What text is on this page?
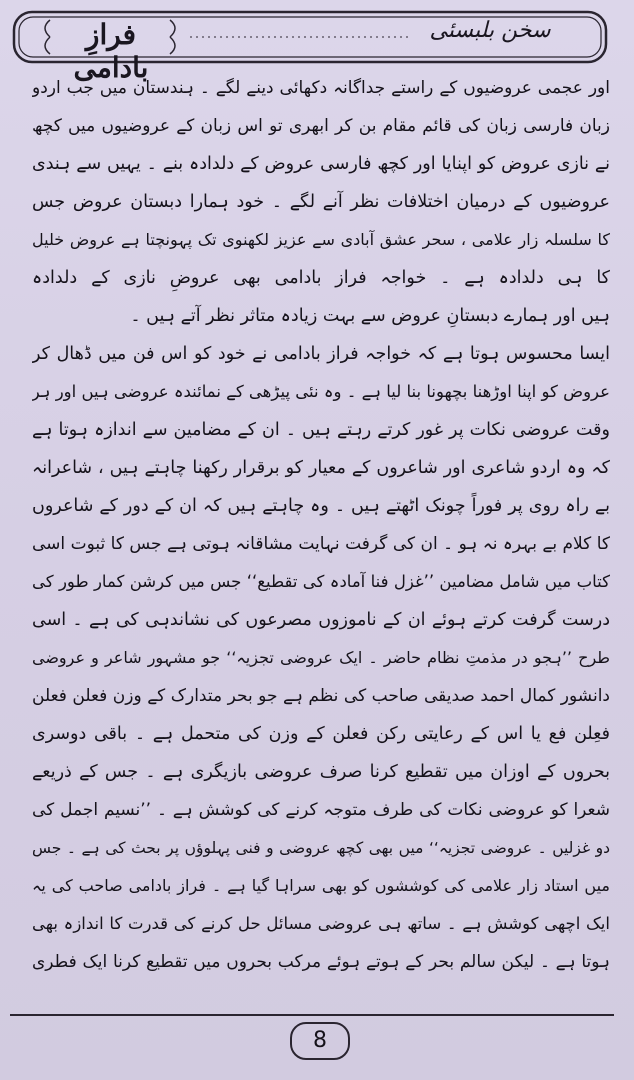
فرازِ بادامی
سخن بلبسئی
اور عجمی عروضیوں کے راستے جداگانہ دکھائی دینے لگے ۔ ہندستان میں جب اردو
زبان فارسی زبان کی قائم مقام بن کر ابھری تو اس زبان کے عروضیوں میں کچھ
نے نازی عروض کو اپنایا اور کچھ فارسی عروض کے دلدادہ بنے ۔ یہیں سے ہندی
عروضیوں کے درمیان اختلافات نظر آنے لگے ۔ خود ہمارا دبستان عروض جس
کا سلسلہ زار علامی ، سحر عشق آبادی سے عزیز لکھنوی تک پہونچتا ہے عروض خلیل
کا ہی دلدادہ ہے ۔ خواجہ فراز بادامی بھی عروضِ نازی کے دلدادہ
ہیں اور ہمارے دبستانِ عروض سے بہت زیادہ متاثر نظر آتے ہیں ۔
ایسا محسوس ہوتا ہے کہ خواجہ فراز بادامی نے خود کو اس فن میں ڈھال کر
عروض کو اپنا اوڑھنا بچھونا بنا لیا ہے ۔ وہ نئی پیڑھی کے نمائندہ عروضی ہیں اور ہر
وقت عروضی نکات پر غور کرتے رہتے ہیں ۔ ان کے مضامین سے اندازہ ہوتا ہے
کہ وہ اردو شاعری اور شاعروں کے معیار کو برقرار رکھنا چاہتے ہیں ، شاعرانہ
بے راہ روی پر فوراً چونک اٹھتے ہیں ۔ وہ چاہتے ہیں کہ ان کے دور کے شاعروں
کا کلام بے بہرہ نہ ہو ۔ ان کی گرفت نہایت مشاقانہ ہوتی ہے جس کا ثبوت اسی
کتاب میں شامل مضامین ’’غزل فنا آمادہ کی تقطیع‘‘ جس میں کرشن کمار طور کی
درست گرفت کرتے ہوئے ان کے ناموزوں مصرعوں کی نشاندہی کی ہے ۔ اسی
طرح ’’ہجو در مذمتِ نظام حاضر ۔ ایک عروضی تجزیہ‘‘ جو مشہور شاعر و عروضی
دانشور کمال احمد صدیقی صاحب کی نظم ہے جو بحر متدارک کے وزن فعلن فعلن
فعِلن فع یا اس کے رعایتی رکن فعلن کے وزن کی متحمل ہے ۔ باقی دوسری
بحروں کے اوزان میں تقطیع کرنا صرف عروضی بازیگری ہے ۔ جس کے ذریعے
شعرا کو عروضی نکات کی طرف متوجہ کرنے کی کوشش ہے ۔ ’’نسیم اجمل کی
دو غزلیں ۔ عروضی تجزیہ‘‘ میں بھی کچھ عروضی و فنی پہلوؤں پر بحث کی ہے ۔ جس
میں استاد زار علامی کی کوششوں کو بھی سراہا گیا ہے ۔ فراز بادامی صاحب کی یہ
ایک اچھی کوشش ہے ۔ ساتھ ہی عروضی مسائل حل کرنے کی قدرت کا اندازہ بھی
ہوتا ہے ۔ لیکن سالم بحر کے ہوتے ہوئے مرکب بحروں میں تقطیع کرنا ایک فطری
8
